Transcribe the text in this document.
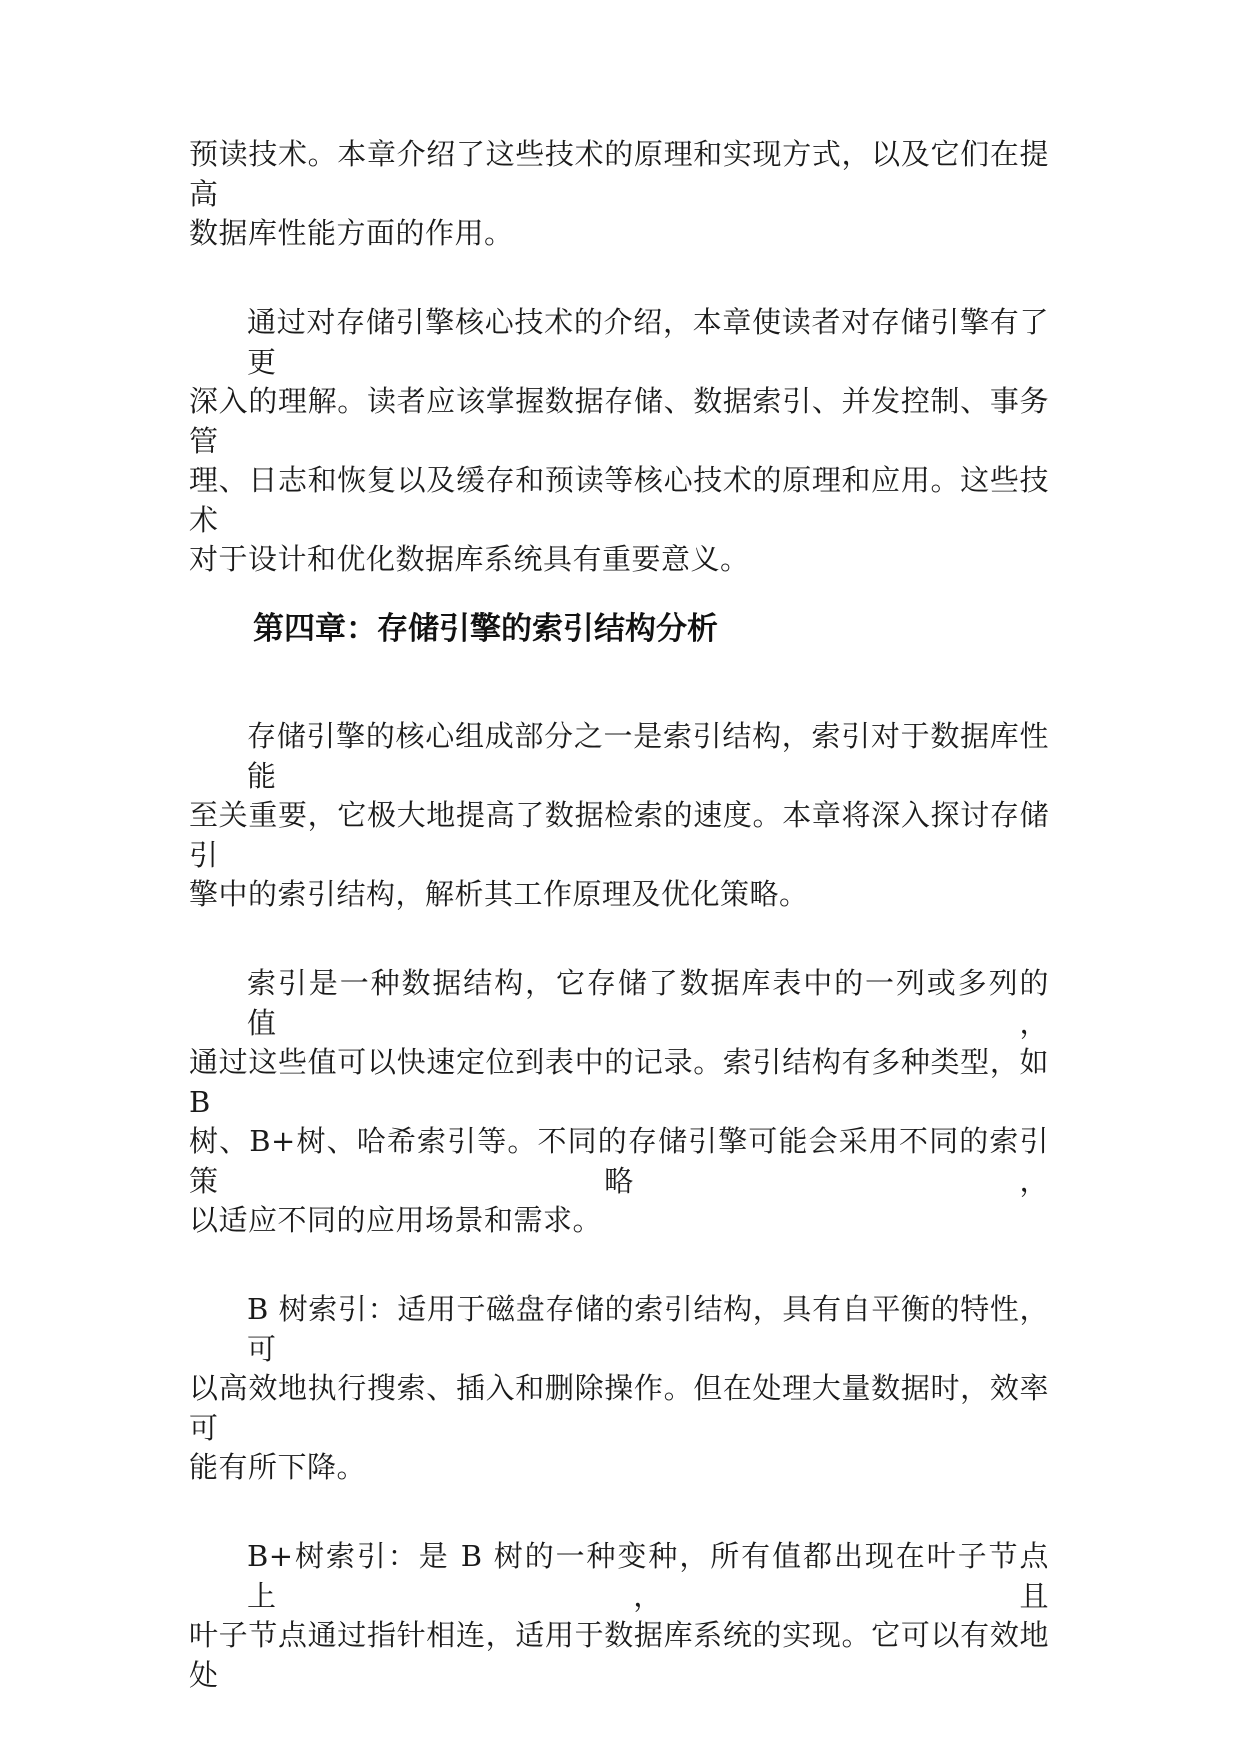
预读技术。本章介绍了这些技术的原理和实现方式，以及它们在提高
数据库性能方面的作用。
通过对存储引擎核心技术的介绍，本章使读者对存储引擎有了更
深入的理解。读者应该掌握数据存储、数据索引、并发控制、事务管
理、日志和恢复以及缓存和预读等核心技术的原理和应用。这些技术
对于设计和优化数据库系统具有重要意义。
第四章：存储引擎的索引结构分析
存储引擎的核心组成部分之一是索引结构，索引对于数据库性能
至关重要，它极大地提高了数据检索的速度。本章将深入探讨存储引
擎中的索引结构，解析其工作原理及优化策略。
索引是一种数据结构，它存储了数据库表中的一列或多列的值，
通过这些值可以快速定位到表中的记录。索引结构有多种类型，如 B
树、B+树、哈希索引等。不同的存储引擎可能会采用不同的索引策略，
以适应不同的应用场景和需求。
B 树索引：适用于磁盘存储的索引结构，具有自平衡的特性，可
以高效地执行搜索、插入和删除操作。但在处理大量数据时，效率可
能有所下降。
B+树索引：是 B 树的一种变种，所有值都出现在叶子节点上，且
叶子节点通过指针相连，适用于数据库系统的实现。它可以有效地处
